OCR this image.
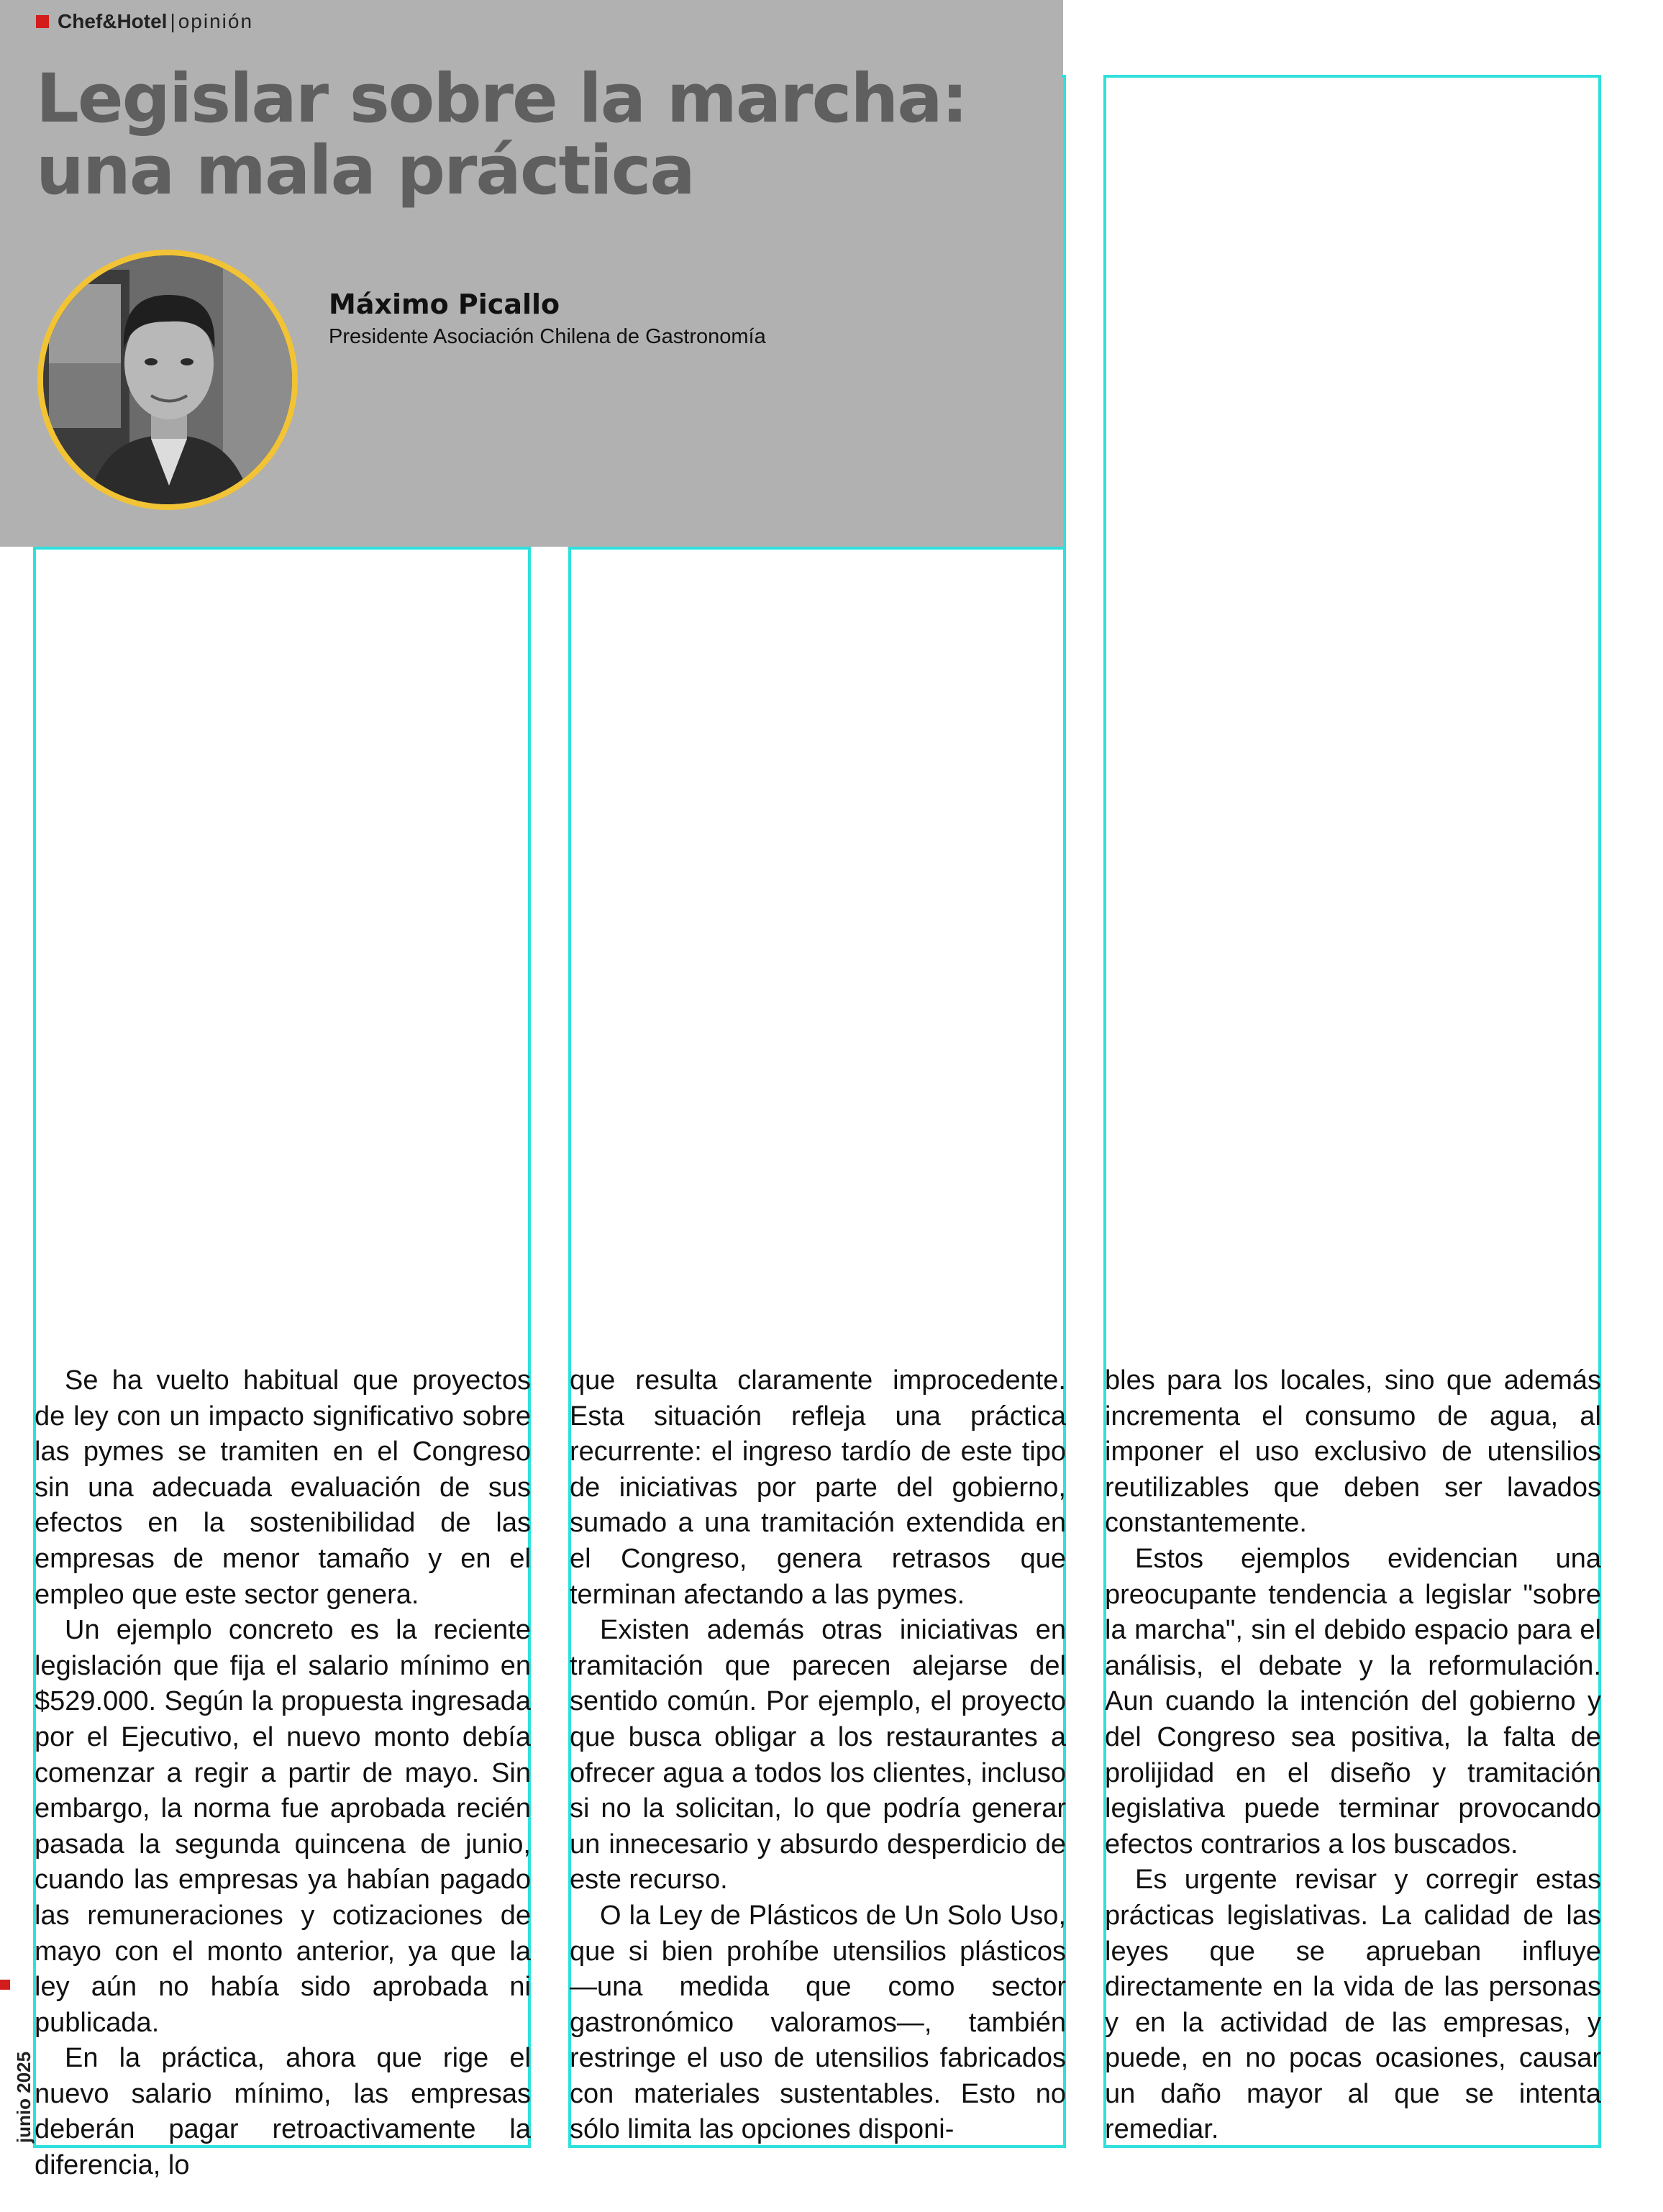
Chef&Hotel | opinión
Legislar sobre la marcha:
una mala práctica
Máximo Picallo
Presidente Asociación Chilena de Gastronomía

Se ha vuelto habitual que proyectos de ley con un impacto significativo sobre las pymes se tramiten en el Congreso sin una adecuada evaluación de sus efectos en la sostenibilidad de las empresas de menor tamaño y en el empleo que este sector genera.

Un ejemplo concreto es la reciente legislación que fija el salario mínimo en $529.000. Según la propuesta ingresada por el Ejecutivo, el nuevo monto debía comenzar a regir a partir de mayo. Sin embargo, la norma fue aprobada recién pasada la segunda quincena de junio, cuando las empresas ya habían pagado las remuneraciones y cotizaciones de mayo con el monto anterior, ya que la ley aún no había sido aprobada ni publicada.

En la práctica, ahora que rige el nuevo salario mínimo, las empresas deberán pagar retroactivamente la diferencia, lo

que resulta claramente improcedente. Esta situación refleja una práctica recurrente: el ingreso tardío de este tipo de iniciativas por parte del gobierno, sumado a una tramitación extendida en el Congreso, genera retrasos que terminan afectando a las pymes.

Existen además otras iniciativas en tramitación que parecen alejarse del sentido común. Por ejemplo, el proyecto que busca obligar a los restaurantes a ofrecer agua a todos los clientes, incluso si no la solicitan, lo que podría generar un innecesario y absurdo desperdicio de este recurso.

O la Ley de Plásticos de Un Solo Uso, que si bien prohíbe utensilios plásticos —una medida que como sector gastronómico valoramos—, también restringe el uso de utensilios fabricados con materiales sustentables. Esto no sólo limita las opciones disponi-

bles para los locales, sino que además incrementa el consumo de agua, al imponer el uso exclusivo de utensilios reutilizables que deben ser lavados constantemente.

Estos ejemplos evidencian una preocupante tendencia a legislar "sobre la marcha", sin el debido espacio para el análisis, el debate y la reformulación. Aun cuando la intención del gobierno y del Congreso sea positiva, la falta de prolijidad en el diseño y tramitación legislativa puede terminar provocando efectos contrarios a los buscados.

Es urgente revisar y corregir estas prácticas legislativas. La calidad de las leyes que se aprueban influye directamente en la vida de las personas y en la actividad de las empresas, y puede, en no pocas ocasiones, causar un daño mayor al que se intenta remediar.

junio 2025
